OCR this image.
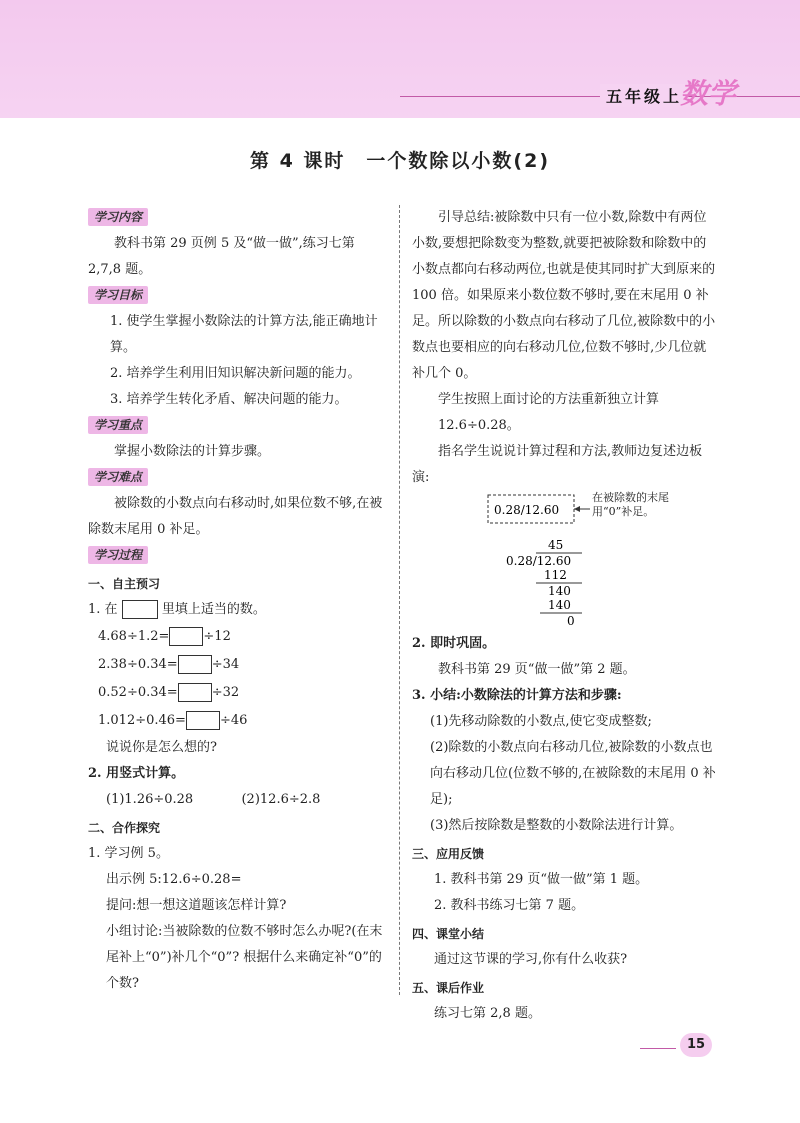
五年级上
数学
第 4 课时　一个数除以小数(2)
学习内容

教科书第 29 页例 5 及“做一做”,练习七第 2,7,8 题。

学习目标

1. 使学生掌握小数除法的计算方法,能正确地计算。

2. 培养学生利用旧知识解决新问题的能力。

3. 培养学生转化矛盾、解决问题的能力。

学习重点

掌握小数除法的计算步骤。

学习难点

被除数的小数点向右移动时,如果位数不够,在被除数末尾用 0 补足。

学习过程

一、自主预习

1. 在	里填上适当的数。

4.68÷1.2=	÷12
2.38÷0.34=	÷34
0.52÷0.34=	÷32
1.012÷0.46=	÷46

说说你是怎么想的?

2. 用竖式计算。

(1)1.26÷0.28	(2)12.6÷2.8

二、合作探究

1. 学习例 5。

出示例 5:12.6÷0.28=

提问:想一想这道题该怎样计算?

小组讨论:当被除数的位数不够时怎么办呢?(在末尾补上“0”)补几个“0”? 根据什么来确定补“0”的个数?

引导总结:被除数中只有一位小数,除数中有两位小数,要想把除数变为整数,就要把被除数和除数中的小数点都向右移动两位,也就是使其同时扩大到原来的 100 倍。如果原来小数位数不够时,要在末尾用 0 补足。所以除数的小数点向右移动了几位,被除数中的小数点也要相应的向右移动几位,位数不够时,少几位就补几个 0。

学生按照上面讨论的方法重新独立计算

12.6÷0.28。

指名学生说说计算过程和方法,教师边复述边板演:

0.28/12.60
在被除数的末尾用“0”补足。
45
0.28/12.60
112
140
140
0

2. 即时巩固。

教科书第 29 页“做一做”第 2 题。

3. 小结:小数除法的计算方法和步骤:

(1)先移动除数的小数点,使它变成整数;

(2)除数的小数点向右移动几位,被除数的小数点也向右移动几位(位数不够的,在被除数的末尾用 0 补足);

(3)然后按除数是整数的小数除法进行计算。

三、应用反馈

1. 教科书第 29 页“做一做”第 1 题。

2. 教科书练习七第 7 题。

四、课堂小结

通过这节课的学习,你有什么收获?

五、课后作业

练习七第 2,8 题。

15
